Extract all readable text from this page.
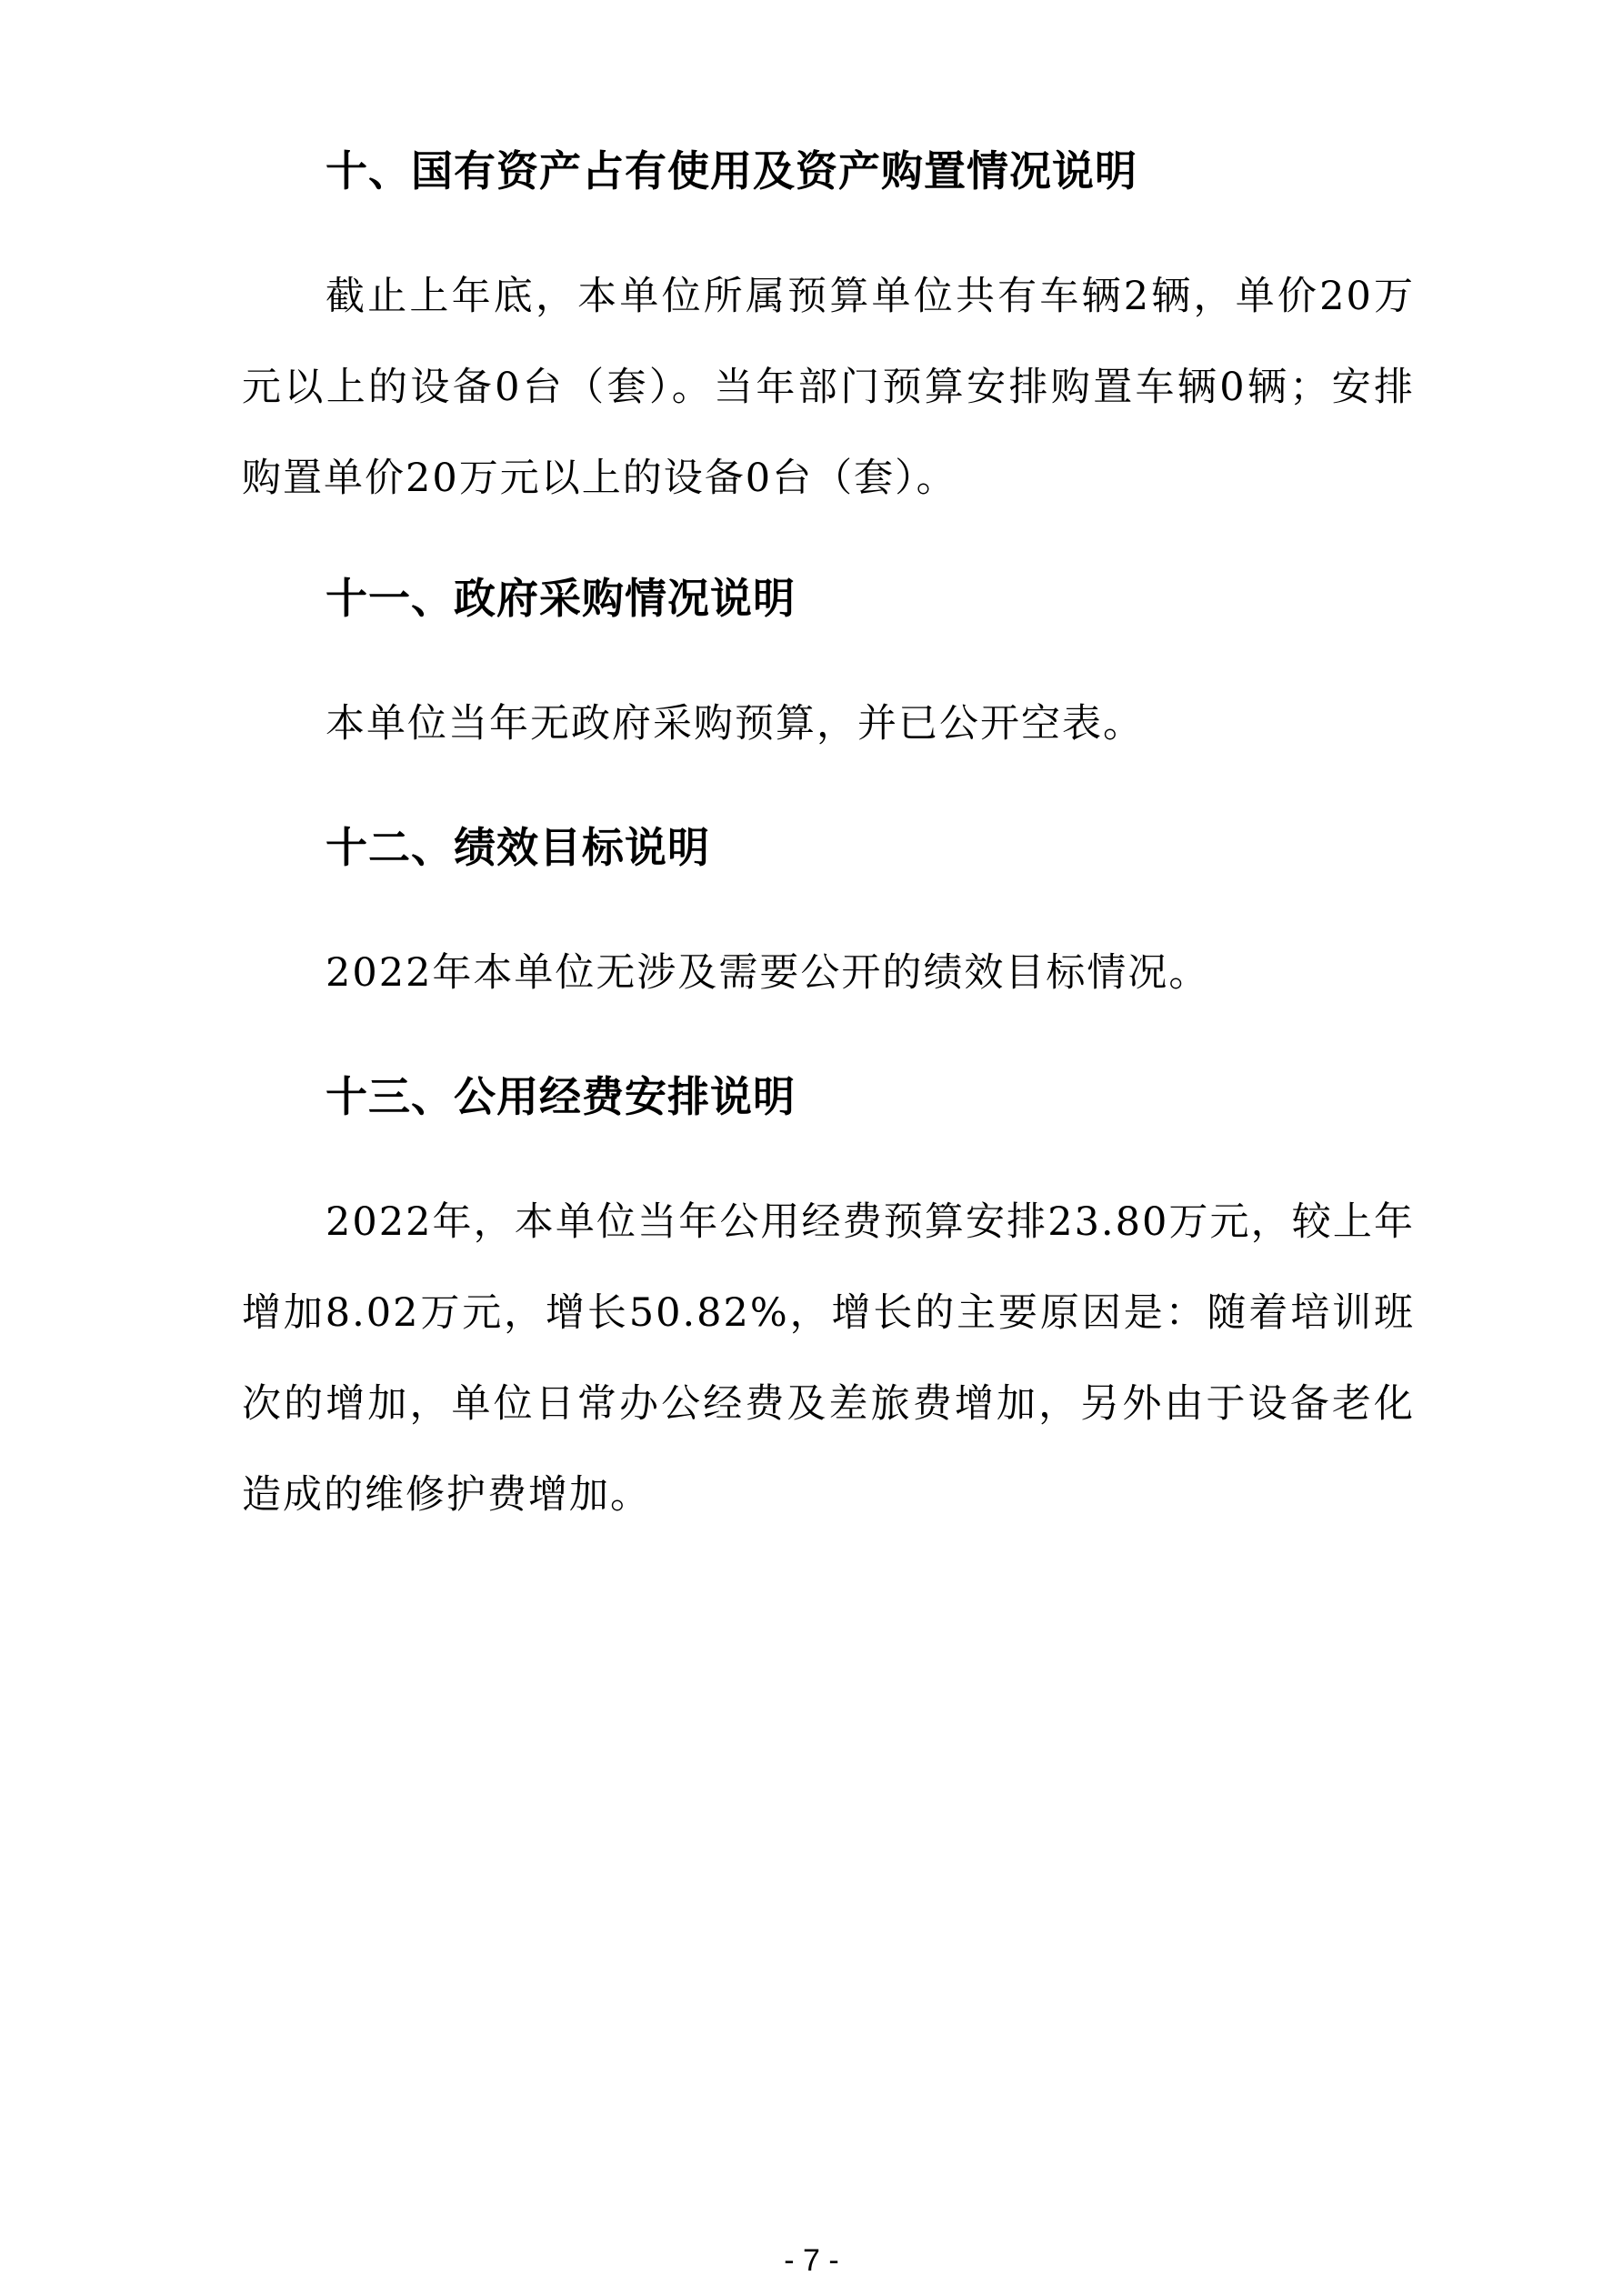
十、国有资产占有使用及资产购置情况说明

截止上年底，本单位所属预算单位共有车辆2辆，单价20万元以上的设备0台（套）。当年部门预算安排购置车辆0辆；安排购置单价20万元以上的设备0台（套）。

十一、政府采购情况说明

本单位当年无政府采购预算，并已公开空表。

十二、绩效目标说明

2022年本单位无涉及需要公开的绩效目标情况。

十三、公用经费安排说明

2022年，本单位当年公用经费预算安排23.80万元，较上年增加8.02万元，增长50.82%，增长的主要原因是：随着培训班次的增加，单位日常办公经费及差旅费增加，另外由于设备老化造成的维修护费增加。

- 7 -
